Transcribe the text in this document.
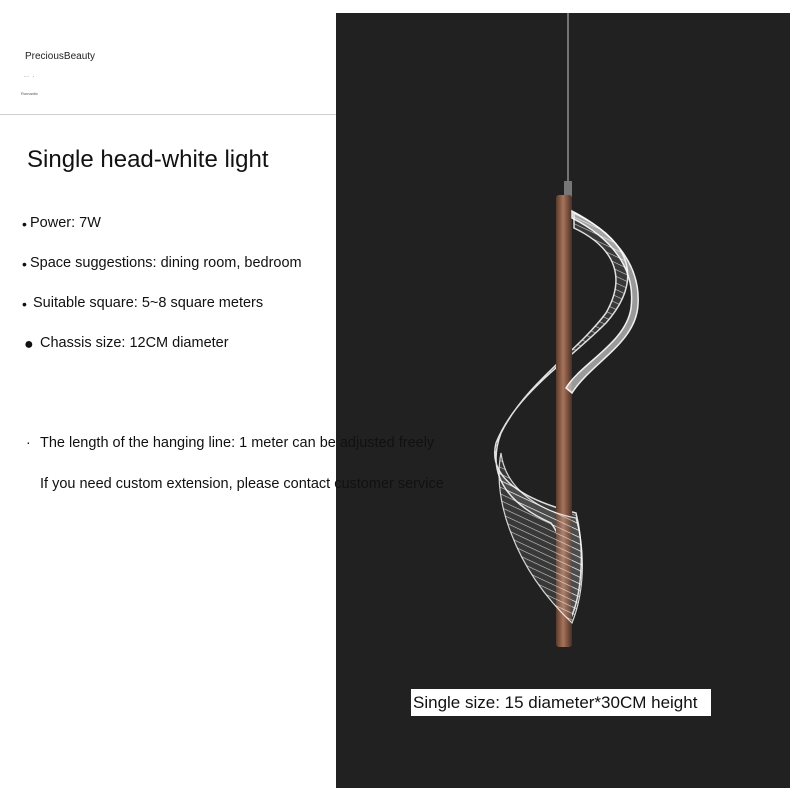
PreciousBeauty
·· ·
Romantic
Single head-white light
• Power: 7W
• Space suggestions: dining room, bedroom
• Suitable square: 5~8 square meters
● Chassis size: 12CM diameter
· The length of the hanging line: 1 meter can be adjusted freely
If you need custom extension, please contact customer service
Single size: 15 diameter*30CM height
